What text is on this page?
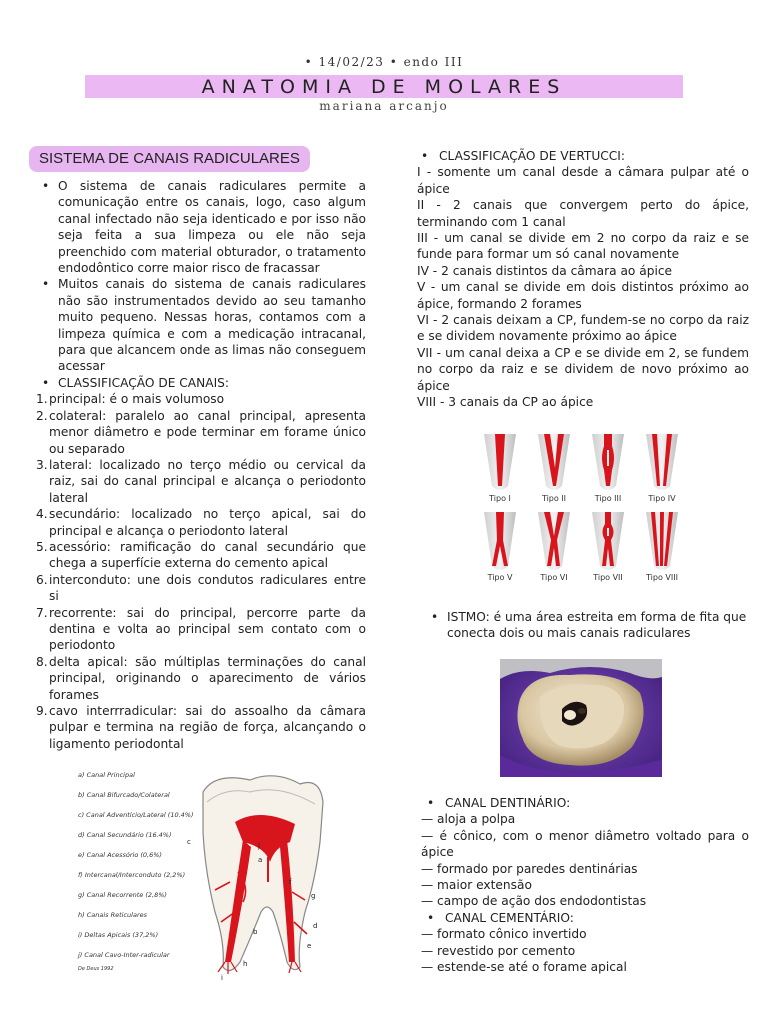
• 14/02/23 • endo III
ANATOMIA DE MOLARES
mariana arcanjo
SISTEMA DE CANAIS RADICULARES
• O sistema de canais radiculares permite a comunicação entre os canais, logo, caso algum canal infectado não seja identicado e por isso não seja feita a sua limpeza ou ele não seja preenchido com material obturador, o tratamento endodôntico corre maior risco de fracassar
• Muitos canais do sistema de canais radiculares não são instrumentados devido ao seu tamanho muito pequeno. Nessas horas, contamos com a limpeza química e com a medicação intracanal, para que alcancem onde as limas não conseguem acessar
• CLASSIFICAÇÃO DE CANAIS:
1. principal: é o mais volumoso
2. colateral: paralelo ao canal principal, apresenta menor diâmetro e pode terminar em forame único ou separado
3. lateral: localizado no terço médio ou cervical da raiz, sai do canal principal e alcança o periodonto lateral
4. secundário: localizado no terço apical, sai do principal e alcança o periodonto lateral
5. acessório: ramificação do canal secundário que chega a superfície externa do cemento apical
6. interconduto: une dois condutos radiculares entre si
7. recorrente: sai do principal, percorre parte da dentina e volta ao principal sem contato com o periodonto
8. delta apical: são múltiplas terminações do canal principal, originando o aparecimento de vários forames
9. cavo interrradicular: sai do assoalho da câmara pulpar e termina na região de força, alcançando o ligamento periodontal
a) Canal Principal
b) Canal Bifurcado/Colateral
c) Canal Adventício/Lateral (10.4%)
d) Canal Secundário (16.4%)
e) Canal Acessório (0,6%)
f) Intercanal/Interconduto (2,2%)
g) Canal Recorrente (2,8%)
h) Canais Reticulares
i) Deltas Apicais (37,2%)
j) Canal Cavo-Inter-radicular
De Deus 1992
c	j
a
f
g
d
b
e
i
h

• CLASSIFICAÇÃO DE VERTUCCI:

I - somente um canal desde a câmara pulpar até o ápice

II - 2 canais que convergem perto do ápice, terminando com 1 canal

III - um canal se divide em 2 no corpo da raiz e se funde para formar um só canal novamente

IV - 2 canais distintos da câmara ao ápice

V - um canal se divide em dois distintos próximo ao ápice, formando 2 forames

VI - 2 canais deixam a CP, fundem-se no corpo da raiz e se dividem novamente próximo ao ápice

VII - um canal deixa a CP e se divide em 2, se fundem no corpo da raiz e se dividem de novo próximo ao ápice

VIII - 3 canais da CP ao ápice

Tipo I	Tipo II	Tipo III	Tipo IV
Tipo V	Tipo VI	Tipo VII	Tipo VIII
• ISTMO: é uma área estreita em forma de fita que conecta dois ou mais canais radiculares

• CANAL DENTINÁRIO:

— aloja a polpa

— é cônico, com o menor diâmetro voltado para o ápice

— formado por paredes dentinárias

— maior extensão

— campo de ação dos endodontistas

• CANAL CEMENTÁRIO:

— formato cônico invertido

— revestido por cemento

— estende-se até o forame apical
